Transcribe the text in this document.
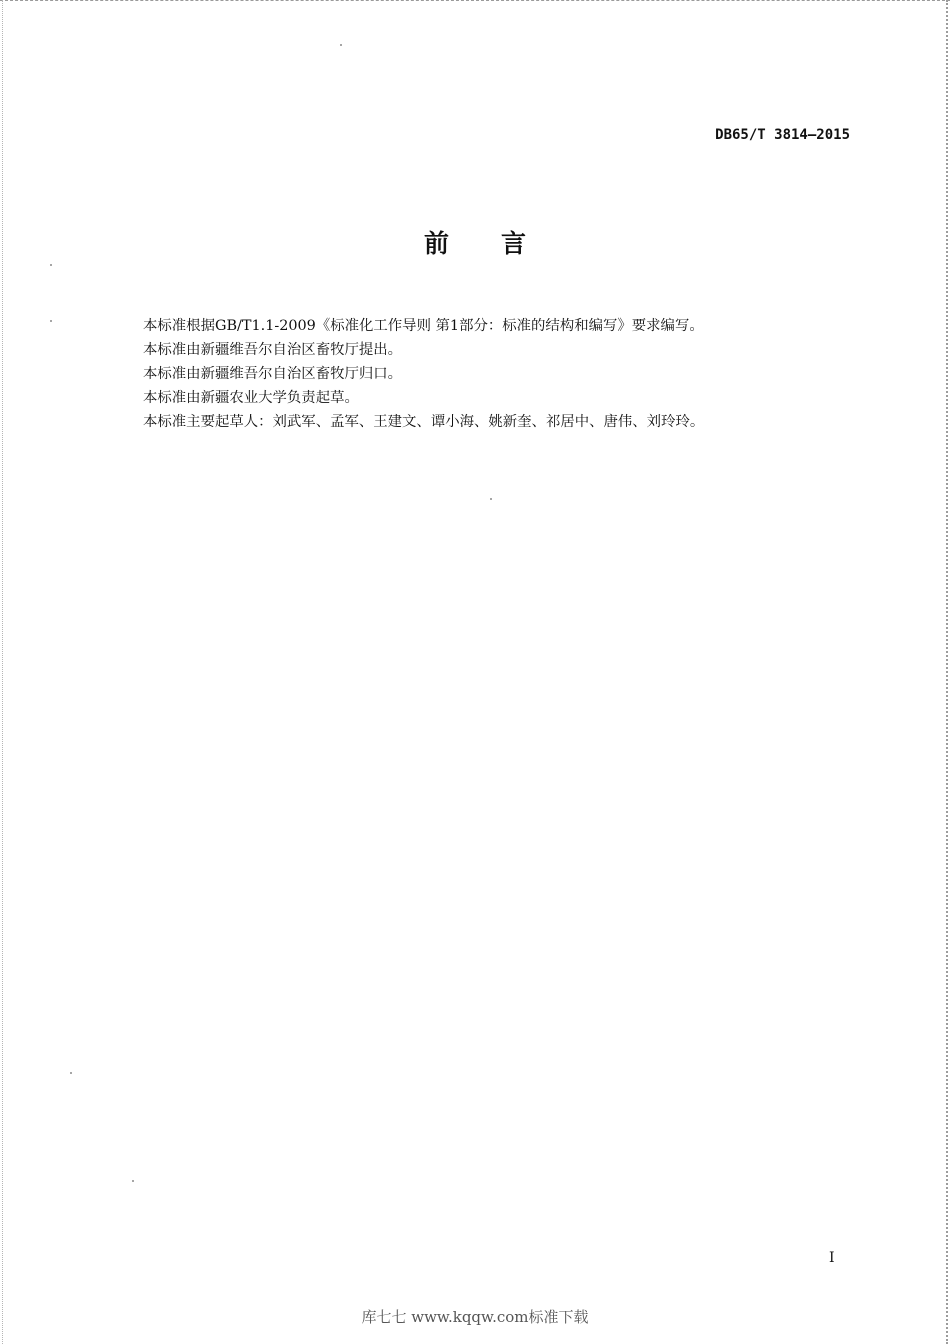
DB65/T 3814—2015
前 言

本标准根据GB/T1.1-2009《标准化工作导则 第1部分：标准的结构和编写》要求编写。

本标准由新疆维吾尔自治区畜牧厅提出。

本标准由新疆维吾尔自治区畜牧厅归口。

本标准由新疆农业大学负责起草。

本标准主要起草人：刘武军、孟军、王建文、谭小海、姚新奎、祁居中、唐伟、刘玲玲。

I
库七七 www.kqqw.com标准下载
